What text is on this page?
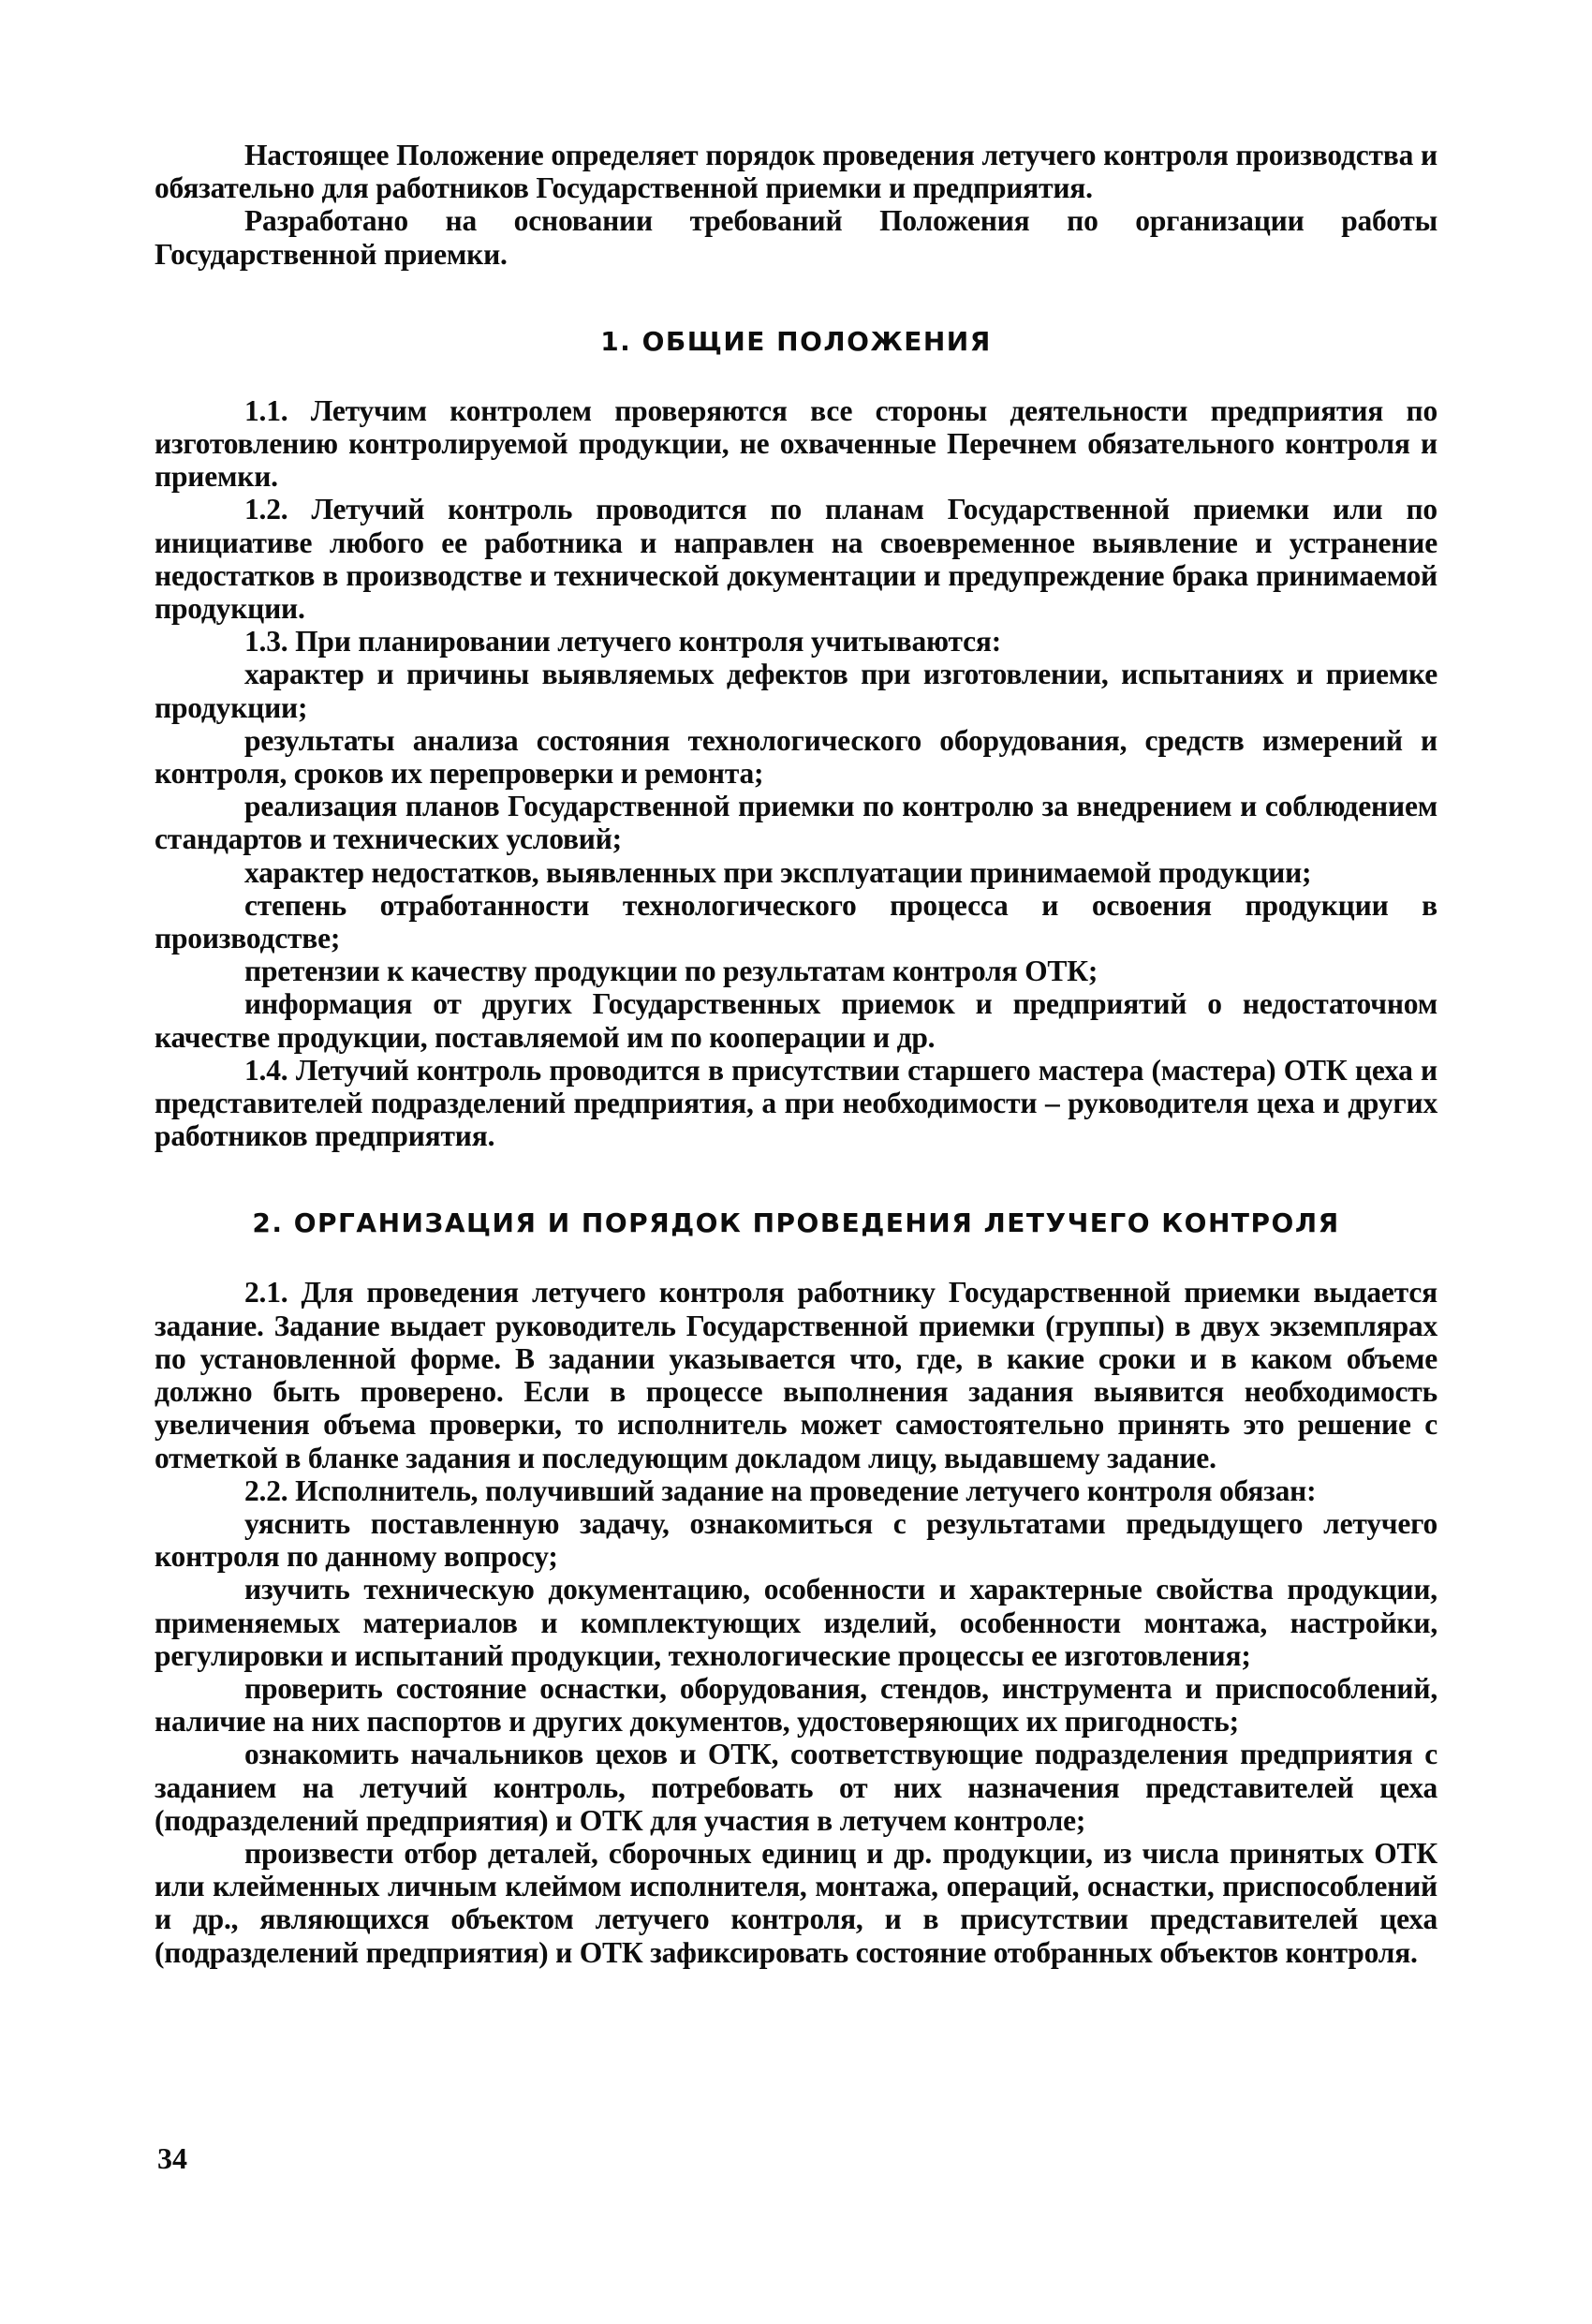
Настоящее Положение определяет порядок проведения летучего контроля производства и обязательно для работников Государственной приемки и предприятия.

Разработано на основании требований Положения по организации работы Государственной приемки.

1. ОБЩИЕ ПОЛОЖЕНИЯ

1.1. Летучим контролем проверяются все стороны деятельности предприятия по изготовлению контролируемой продукции, не охваченные Перечнем обязательного контроля и приемки.

1.2. Летучий контроль проводится по планам Государственной приемки или по инициативе любого ее работника и направлен на своевременное выявление и устранение недостатков в производстве и технической документации и предупреждение брака принимаемой продукции.

1.3. При планировании летучего контроля учитываются:

характер и причины выявляемых дефектов при изготовлении, испытаниях и приемке продукции;

результаты анализа состояния технологического оборудования, средств измерений и контроля, сроков их перепроверки и ремонта;

реализация планов Государственной приемки по контролю за внедрением и соблюдением стандартов и технических условий;

характер недостатков, выявленных при эксплуатации принимаемой продукции;

степень отработанности технологического процесса и освоения продукции в производстве;

претензии к качеству продукции по результатам контроля ОТК;

информация от других Государственных приемок и предприятий о недостаточном качестве продукции, поставляемой им по кооперации и др.

1.4. Летучий контроль проводится в присутствии старшего мастера (мастера) ОТК цеха и представителей подразделений предприятия, а при необходимости – руководителя цеха и других работников предприятия.

2. ОРГАНИЗАЦИЯ И ПОРЯДОК ПРОВЕДЕНИЯ ЛЕТУЧЕГО КОНТРОЛЯ

2.1. Для проведения летучего контроля работнику Государственной приемки выдается задание. Задание выдает руководитель Государственной приемки (группы) в двух экземплярах по установленной форме. В задании указывается что, где, в какие сроки и в каком объеме должно быть проверено. Если в процессе выполнения задания выявится необходимость увеличения объема проверки, то исполнитель может самостоятельно принять это решение с отметкой в бланке задания и последующим докладом лицу, выдавшему задание.

2.2. Исполнитель, получивший задание на проведение летучего контроля обязан:

уяснить поставленную задачу, ознакомиться с результатами предыдущего летучего контроля по данному вопросу;

изучить техническую документацию, особенности и характерные свойства продукции, применяемых материалов и комплектующих изделий, особенности монтажа, настройки, регулировки и испытаний продукции, технологические процессы ее изготовления;

проверить состояние оснастки, оборудования, стендов, инструмента и приспособлений, наличие на них паспортов и других документов, удостоверяющих их пригодность;

ознакомить начальников цехов и ОТК, соответствующие подразделения предприятия с заданием на летучий контроль, потребовать от них назначения представителей цеха (подразделений предприятия) и ОТК для участия в летучем контроле;

произвести отбор деталей, сборочных единиц и др. продукции, из числа принятых ОТК или клейменных личным клеймом исполнителя, монтажа, операций, оснастки, приспособлений и др., являющихся объектом летучего контроля, и в присутствии представителей цеха (подразделений предприятия) и ОТК зафиксировать состояние отобранных объектов контроля.

34
